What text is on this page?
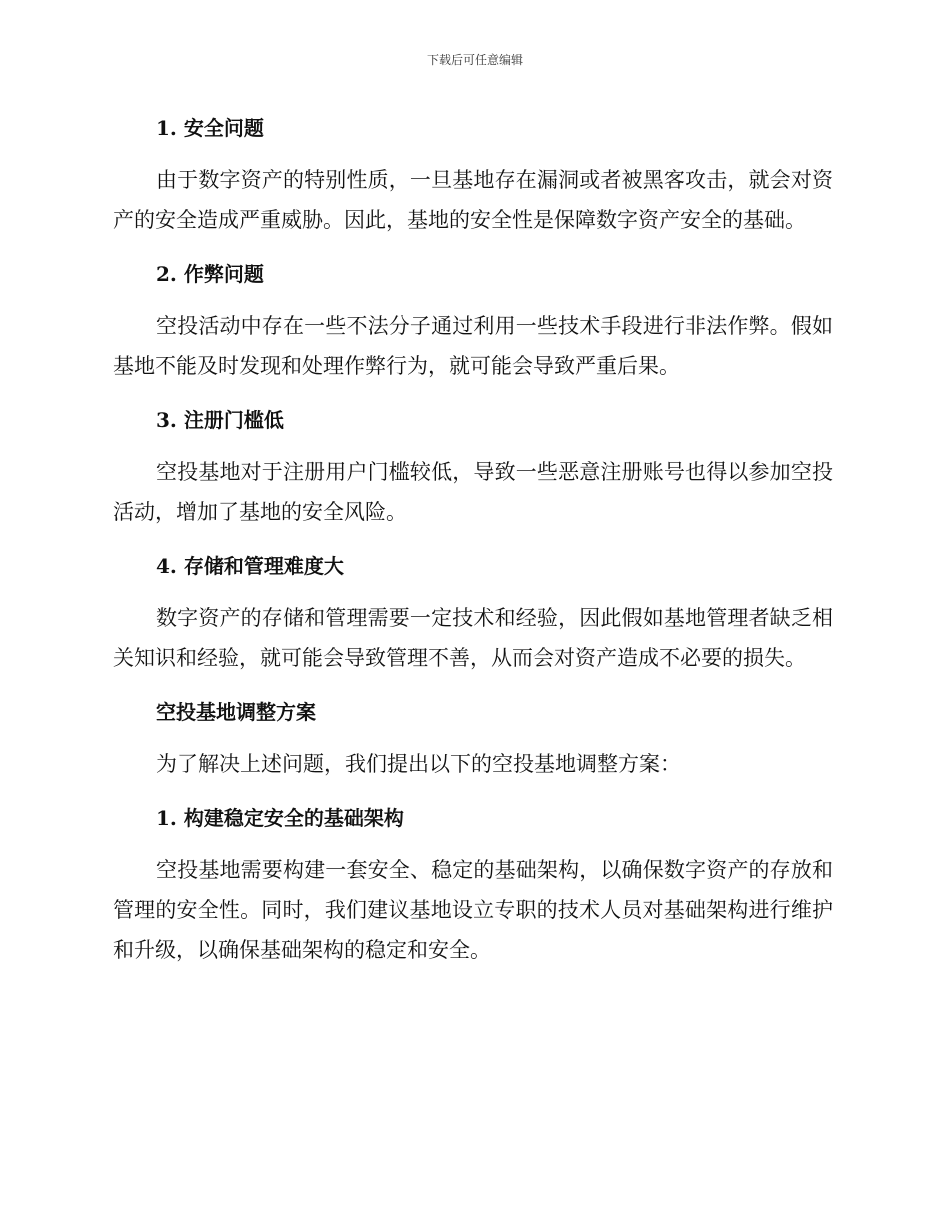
下载后可任意编辑

1. 安全问题

由于数字资产的特别性质，一旦基地存在漏洞或者被黑客攻击，就会对资产的安全造成严重威胁。因此，基地的安全性是保障数字资产安全的基础。

2. 作弊问题

空投活动中存在一些不法分子通过利用一些技术手段进行非法作弊。假如基地不能及时发现和处理作弊行为，就可能会导致严重后果。

3. 注册门槛低

空投基地对于注册用户门槛较低，导致一些恶意注册账号也得以参加空投活动，增加了基地的安全风险。

4. 存储和管理难度大

数字资产的存储和管理需要一定技术和经验，因此假如基地管理者缺乏相关知识和经验，就可能会导致管理不善，从而会对资产造成不必要的损失。

空投基地调整方案

为了解决上述问题，我们提出以下的空投基地调整方案：

1. 构建稳定安全的基础架构

空投基地需要构建一套安全、稳定的基础架构，以确保数字资产的存放和管理的安全性。同时，我们建议基地设立专职的技术人员对基础架构进行维护和升级，以确保基础架构的稳定和安全。
